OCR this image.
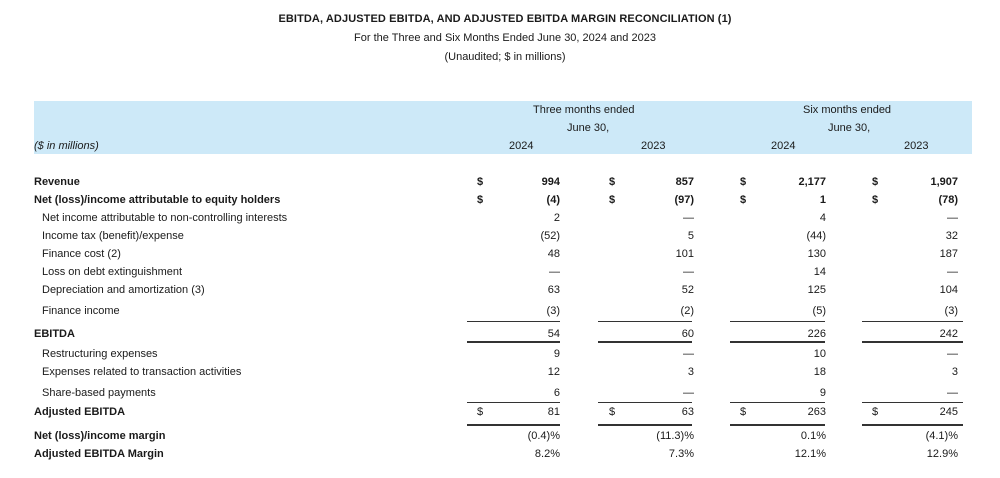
EBITDA, ADJUSTED EBITDA, AND ADJUSTED EBITDA MARGIN RECONCILIATION (1)
For the Three and Six Months Ended June 30, 2024 and 2023
(Unaudited; $ in millions)
Three months ended
June 30,
Six months ended
June 30,
($ in millions)	2024	2023	2024	2023
Revenue	$	994	$	857	$	2,177	$	1,907
Net (loss)/income attributable to equity holders	$	(4)	$	(97)	$	1	$	(78)
Net income attributable to non-controlling interests	2	—	4	—
Income tax (benefit)/expense	(52)	5	(44)	32
Finance cost (2)	48	101	130	187
Loss on debt extinguishment	—	—	14	—
Depreciation and amortization (3)	63	52	125	104
Finance income	(3)	(2)	(5)	(3)
EBITDA	54	60	226	242
Restructuring expenses	9	—	10	—
Expenses related to transaction activities	12	3	18	3
Share-based payments	6	—	9	—
Adjusted EBITDA	$	81	$	63	$	263	$	245
Net (loss)/income margin	(0.4)%	(11.3)%	0.1%	(4.1)%
Adjusted EBITDA Margin	8.2%	7.3%	12.1%	12.9%
